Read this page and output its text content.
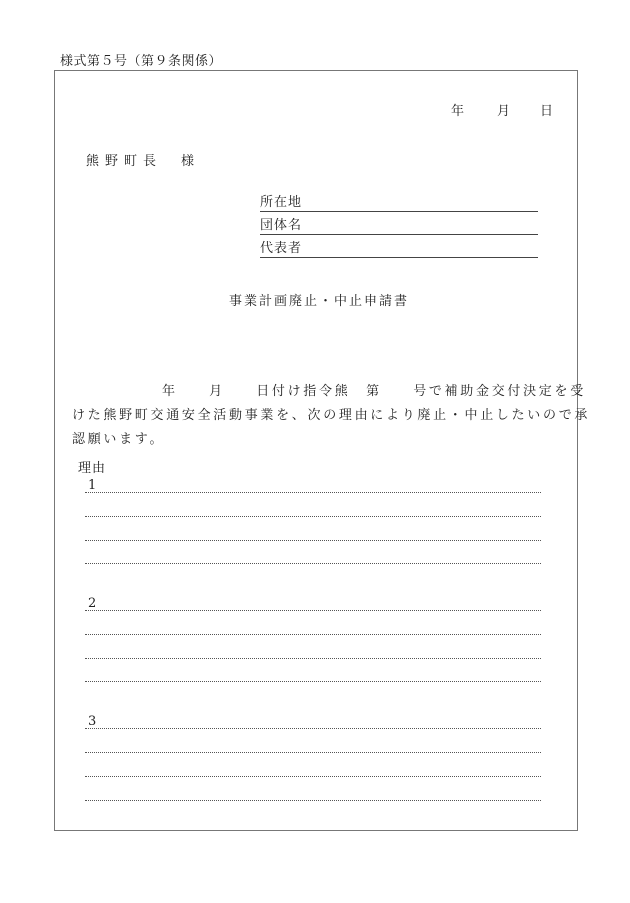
様式第５号（第９条関係）
年	月 日
熊野町長　様
所在地
団体名
代表者
事業計画廃止・中止申請書
年　　月　　日付け指令熊　第　　号で補助金交付決定を受
けた熊野町交通安全活動事業を、次の理由により廃止・中止したいので承
認願います。
理由
1
2
3
